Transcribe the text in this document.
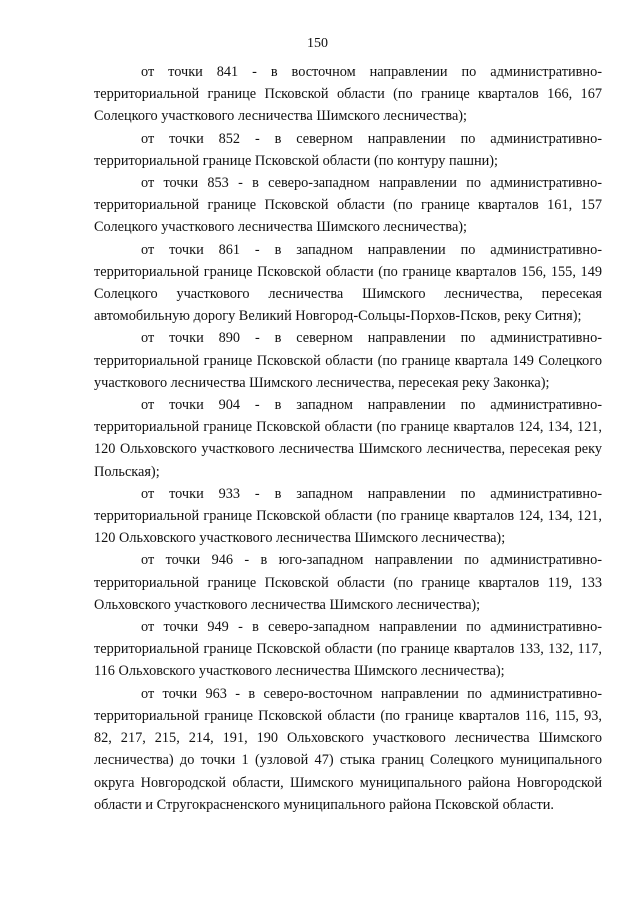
150

от точки 841 - в восточном направлении по административно-территориальной границе Псковской области (по границе кварталов 166, 167 Солецкого участкового лесничества Шимского лесничества);

от точки 852 - в северном направлении по административно-территориальной границе Псковской области (по контуру пашни);

от точки 853 - в северо-западном направлении по административно-территориальной границе Псковской области (по границе кварталов 161, 157 Солецкого участкового лесничества Шимского лесничества);

от точки 861 - в западном направлении по административно-территориальной границе Псковской области (по границе кварталов 156, 155, 149 Солецкого участкового лесничества Шимского лесничества, пересекая автомобильную дорогу Великий Новгород-Сольцы-Порхов-Псков, реку Ситня);

от точки 890 - в северном направлении по административно-территориальной границе Псковской области (по границе квартала 149 Солецкого участкового лесничества Шимского лесничества, пересекая реку Законка);

от точки 904 - в западном направлении по административно-территориальной границе Псковской области (по границе кварталов 124, 134, 121, 120 Ольховского участкового лесничества Шимского лесничества, пересекая реку Польская);

от точки 933 - в западном направлении по административно-территориальной границе Псковской области (по границе кварталов 124, 134, 121, 120 Ольховского участкового лесничества Шимского лесничества);

от точки 946 - в юго-западном направлении по административно-территориальной границе Псковской области (по границе кварталов 119, 133 Ольховского участкового лесничества Шимского лесничества);

от точки 949 - в северо-западном направлении по административно-территориальной границе Псковской области (по границе кварталов 133, 132, 117, 116 Ольховского участкового лесничества Шимского лесничества);

от точки 963 - в северо-восточном направлении по административно-территориальной границе Псковской области (по границе кварталов 116, 115, 93, 82, 217, 215, 214, 191, 190 Ольховского участкового лесничества Шимского лесничества) до точки 1 (узловой 47) стыка границ Солецкого муниципального округа Новгородской области, Шимского муниципального района Новгородской области и Стругокрасненского муниципального района Псковской области.
